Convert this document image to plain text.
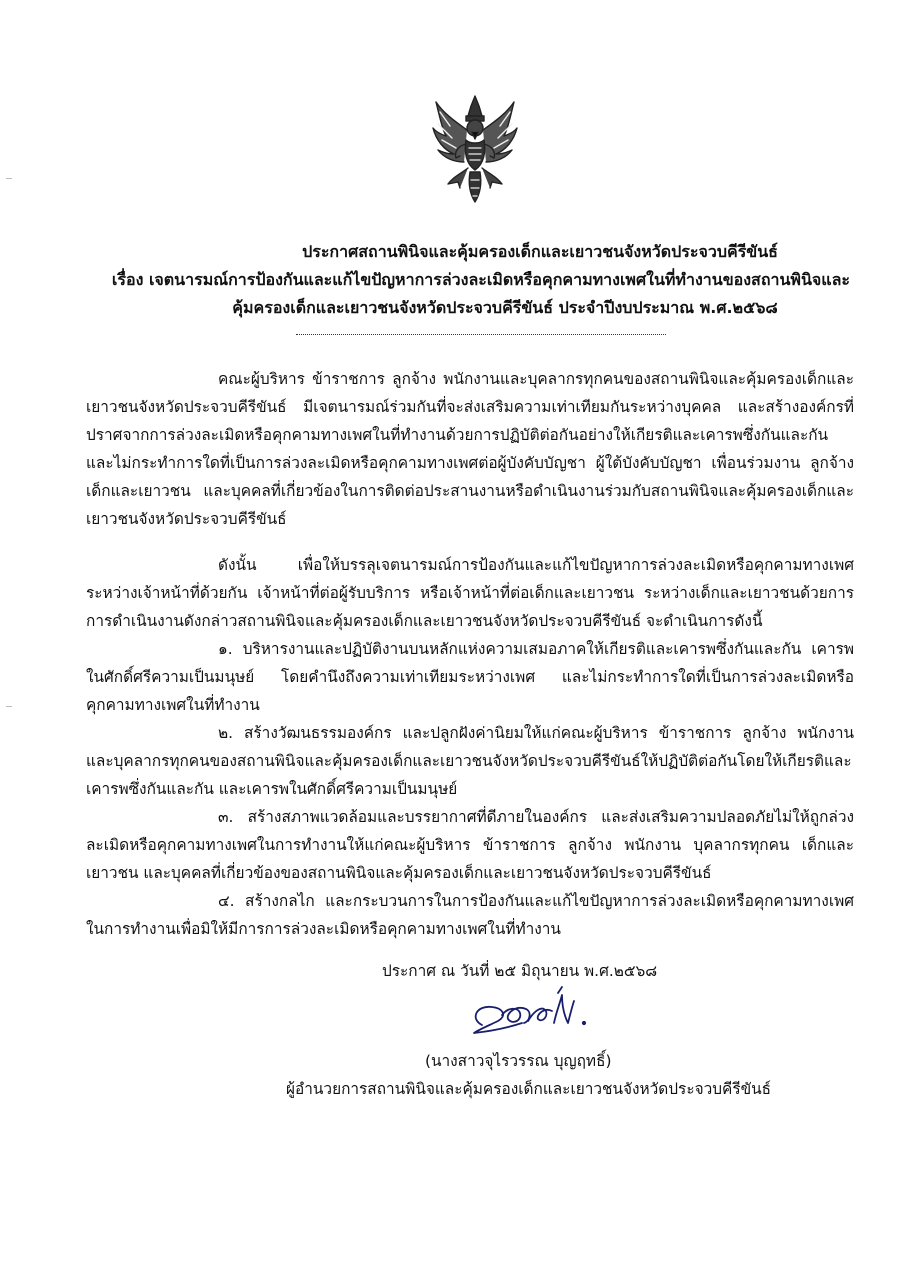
ประกาศสถานพินิจและคุ้มครองเด็กและเยาวชนจังหวัดประจวบคีรีขันธ์
เรื่อง เจตนารมณ์การป้องกันและแก้ไขปัญหาการล่วงละเมิดหรือคุกคามทางเพศในที่ทำงานของสถานพินิจและ
คุ้มครองเด็กและเยาวชนจังหวัดประจวบคีรีขันธ์ ประจำปีงบประมาณ พ.ศ.๒๕๖๘

คณะผู้บริหาร ข้าราชการ ลูกจ้าง พนักงานและบุคลากรทุกคนของสถานพินิจและคุ้มครองเด็กและเยาวชนจังหวัดประจวบคีรีขันธ์ มีเจตนารมณ์ร่วมกันที่จะส่งเสริมความเท่าเทียมกันระหว่างบุคคล และสร้างองค์กรที่ปราศจากการล่วงละเมิดหรือคุกคามทางเพศในที่ทำงานด้วยการปฏิบัติต่อกันอย่างให้เกียรติและเคารพซึ่งกันและกัน และไม่กระทำการใดที่เป็นการล่วงละเมิดหรือคุกคามทางเพศต่อผู้บังคับบัญชา ผู้ใต้บังคับบัญชา เพื่อนร่วมงาน ลูกจ้าง เด็กและเยาวชน และบุคคลที่เกี่ยวข้องในการติดต่อประสานงานหรือดำเนินงานร่วมกับสถานพินิจและคุ้มครองเด็กและเยาวชนจังหวัดประจวบคีรีขันธ์

ดังนั้น เพื่อให้บรรลุเจตนารมณ์การป้องกันและแก้ไขปัญหาการล่วงละเมิดหรือคุกคามทางเพศระหว่างเจ้าหน้าที่ด้วยกัน เจ้าหน้าที่ต่อผู้รับบริการ หรือเจ้าหน้าที่ต่อเด็กและเยาวชน ระหว่างเด็กและเยาวชนด้วยการ การดำเนินงานดังกล่าวสถานพินิจและคุ้มครองเด็กและเยาวชนจังหวัดประจวบคีรีขันธ์ จะดำเนินการดังนี้

๑. บริหารงานและปฏิบัติงานบนหลักแห่งความเสมอภาคให้เกียรติและเคารพซึ่งกันและกัน เคารพในศักดิ์ศรีความเป็นมนุษย์ โดยคำนึงถึงความเท่าเทียมระหว่างเพศ และไม่กระทำการใดที่เป็นการล่วงละเมิดหรือคุกคามทางเพศในที่ทำงาน

๒. สร้างวัฒนธรรมองค์กร และปลูกฝังค่านิยมให้แก่คณะผู้บริหาร ข้าราชการ ลูกจ้าง พนักงาน และบุคลากรทุกคนของสถานพินิจและคุ้มครองเด็กและเยาวชนจังหวัดประจวบคีรีขันธ์ให้ปฏิบัติต่อกันโดยให้เกียรติและเคารพซึ่งกันและกัน และเคารพในศักดิ์ศรีความเป็นมนุษย์

๓. สร้างสภาพแวดล้อมและบรรยากาศที่ดีภายในองค์กร และส่งเสริมความปลอดภัยไม่ให้ถูกล่วงละเมิดหรือคุกคามทางเพศในการทำงานให้แก่คณะผู้บริหาร ข้าราชการ ลูกจ้าง พนักงาน บุคลากรทุกคน เด็กและเยาวชน และบุคคลที่เกี่ยวข้องของสถานพินิจและคุ้มครองเด็กและเยาวชนจังหวัดประจวบคีรีขันธ์

๔. สร้างกลไก และกระบวนการในการป้องกันและแก้ไขปัญหาการล่วงละเมิดหรือคุกคามทางเพศในการทำงานเพื่อมิให้มีการการล่วงละเมิดหรือคุกคามทางเพศในที่ทำงาน

ประกาศ ณ วันที่ ๒๕ มิถุนายน พ.ศ.๒๕๖๘
(นางสาวจุไรวรรณ บุญฤทธิ์)
ผู้อำนวยการสถานพินิจและคุ้มครองเด็กและเยาวชนจังหวัดประจวบคีรีขันธ์
